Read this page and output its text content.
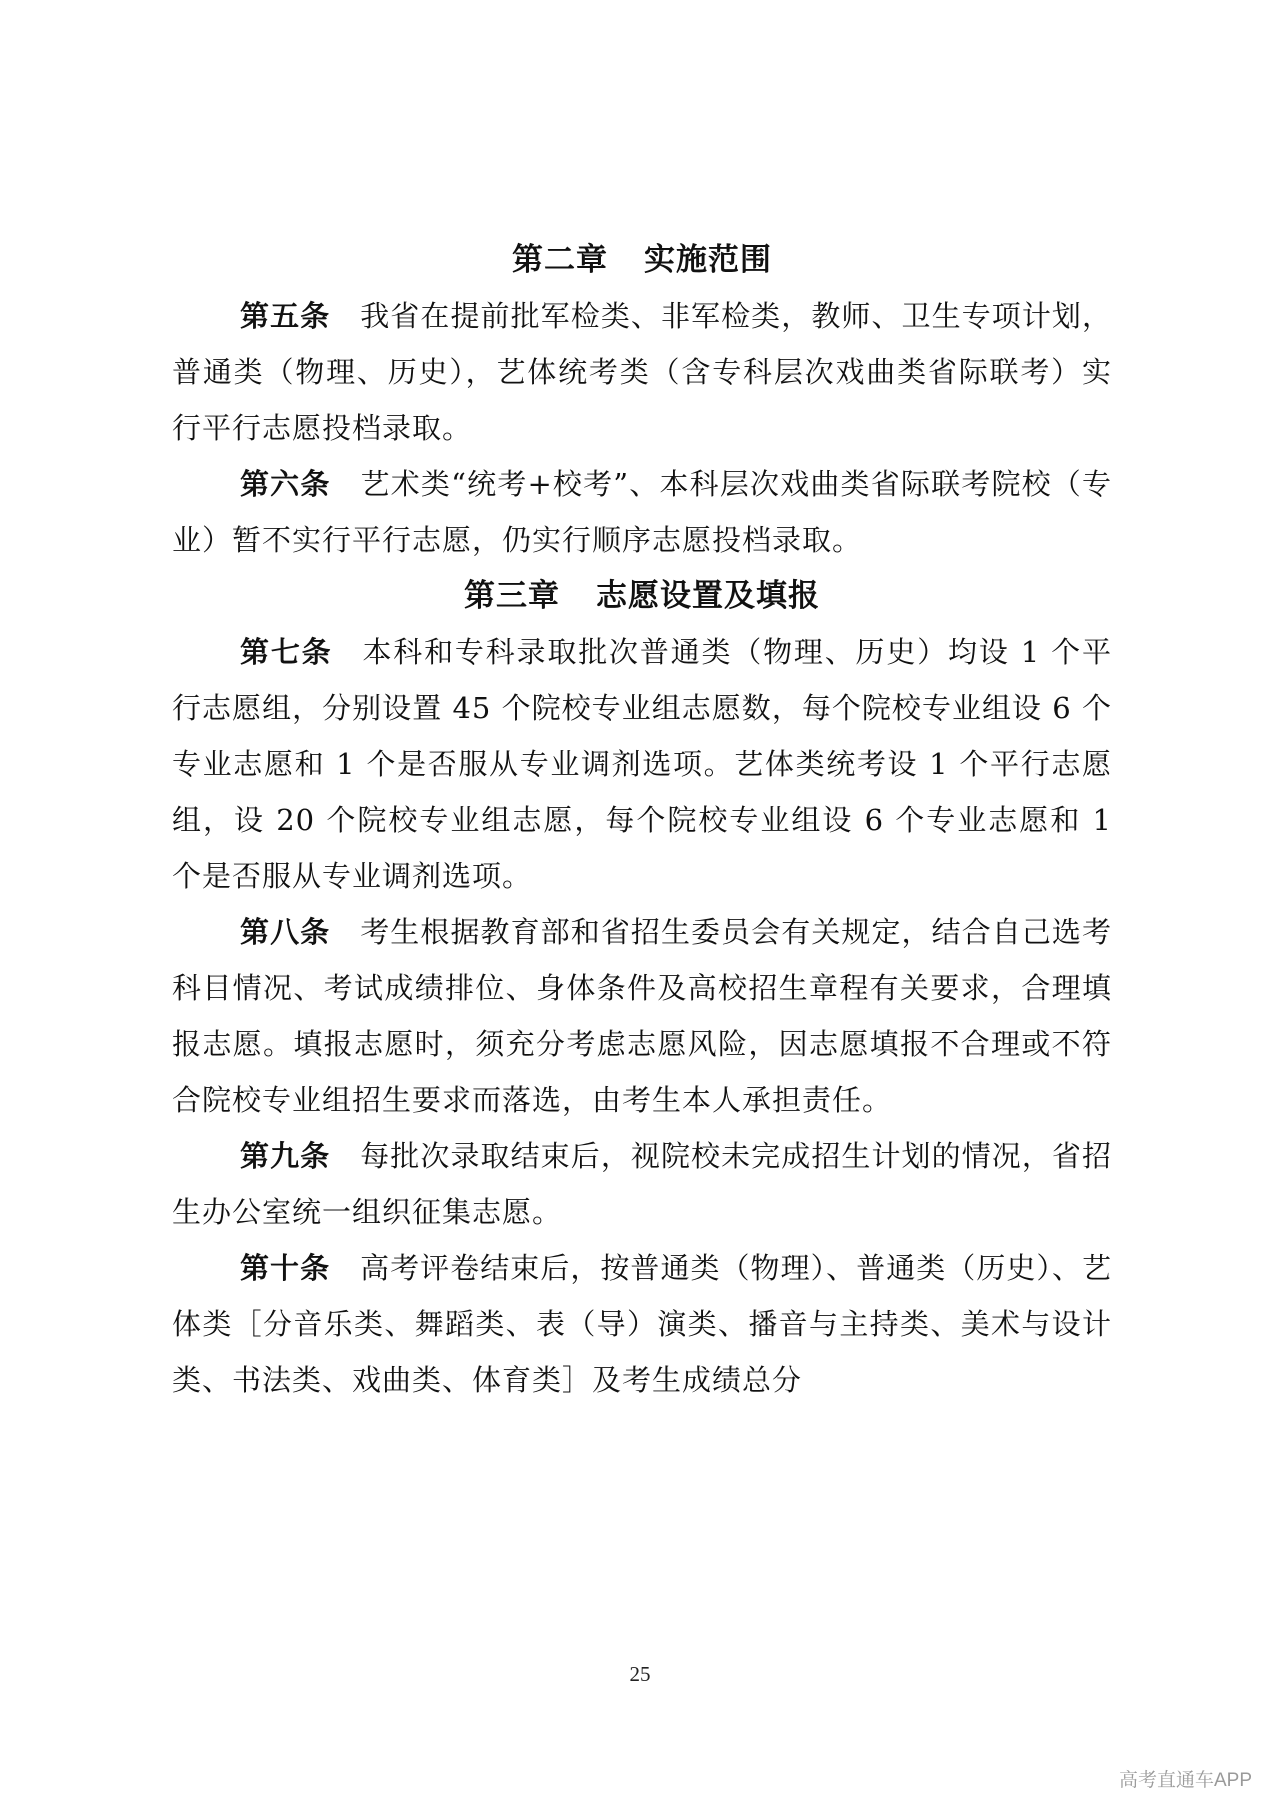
第二章 实施范围

第五条 我省在提前批军检类、非军检类，教师、卫生专项计划，普通类（物理、历史），艺体统考类（含专科层次戏曲类省际联考）实行平行志愿投档录取。

第六条 艺术类“统考+校考”、本科层次戏曲类省际联考院校（专业）暂不实行平行志愿，仍实行顺序志愿投档录取。

第三章 志愿设置及填报

第七条 本科和专科录取批次普通类（物理、历史）均设 1 个平行志愿组，分别设置 45 个院校专业组志愿数，每个院校专业组设 6 个专业志愿和 1 个是否服从专业调剂选项。艺体类统考设 1 个平行志愿组，设 20 个院校专业组志愿，每个院校专业组设 6 个专业志愿和 1 个是否服从专业调剂选项。

第八条 考生根据教育部和省招生委员会有关规定，结合自己选考科目情况、考试成绩排位、身体条件及高校招生章程有关要求，合理填报志愿。填报志愿时，须充分考虑志愿风险，因志愿填报不合理或不符合院校专业组招生要求而落选，由考生本人承担责任。

第九条 每批次录取结束后，视院校未完成招生计划的情况，省招生办公室统一组织征集志愿。

第十条 高考评卷结束后，按普通类（物理）、普通类（历史）、艺体类［分音乐类、舞蹈类、表（导）演类、播音与主持类、美术与设计类、书法类、戏曲类、体育类］及考生成绩总分

25
高考直通车APP
